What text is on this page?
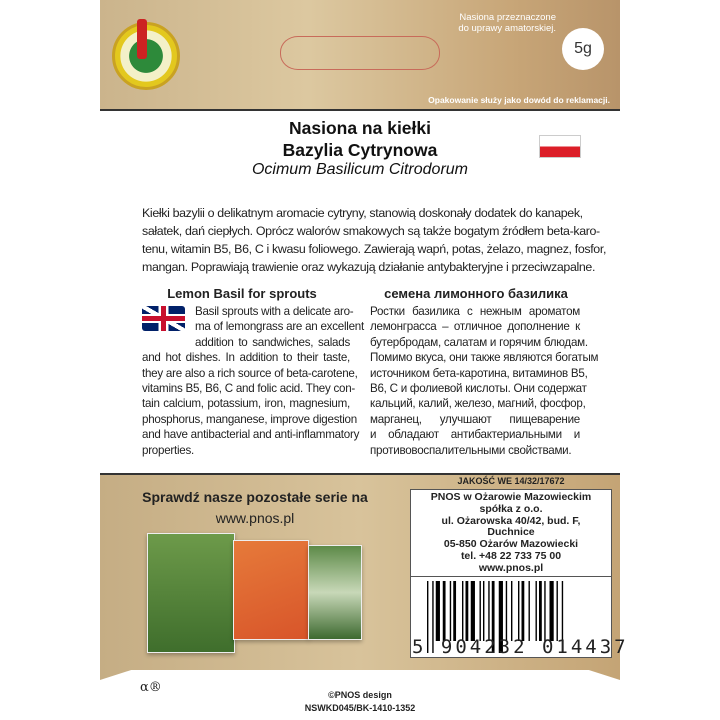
Nasiona przeznaczone
do uprawy amatorskiej.
5g
Opakowanie służy jako dowód do reklamacji.
Nasiona na kiełki
Bazylia Cytrynowa
Ocimum Basilicum Citrodorum
Kiełki bazylii o delikatnym aromacie cytryny, stanowią doskonały dodatek do kanapek,
sałatek, dań ciepłych. Oprócz walorów smakowych są także bogatym źródłem beta-karo-
tenu, witamin B5, B6, C i kwasu foliowego. Zawierają wapń, potas, żelazo, magnez, fosfor,
mangan. Poprawiają trawienie oraz wykazują działanie antybakteryjne i przeciwzapalne.
Lemon Basil for sprouts	семена лимонного базилика
Basil sprouts with a delicate aro-
ma of lemongrass are an excellent
addition to sandwiches, salads
and hot dishes. In addition to their taste,
they are also a rich source of beta-carotene,
vitamins B5, B6, C and folic acid. They con-
tain calcium, potassium, iron, magnesium,
phosphorus, manganese, improve digestion
and have antibacterial and anti-inflammatory
properties.
Ростки базилика с нежным ароматом
лемонграсса – отличное дополнение к
бутербродам, салатам и горячим блюдам.
Помимо вкуса, они также являются богатым
источником бета-каротина, витаминов B5,
B6, C и фолиевой кислоты. Они содержат
кальций, калий, железо, магний, фосфор,
марганец, улучшают пищеварение
и обладают антибактериальными и
противовоспалительными свойствами.
Sprawdź nasze pozostałe serie na
www.pnos.pl
JAKOŚĆ WE 14/32/17672
5 904232 014437
PNOS w Ożarowie Mazowieckim
spółka z o.o.
ul. Ożarowska 40/42, bud. F,
Duchnice
05-850 Ożarów Mazowiecki
tel. +48 22 733 75 00
www.pnos.pl
α®	©PNOS design
NSWKD045/BK-1410-1352
